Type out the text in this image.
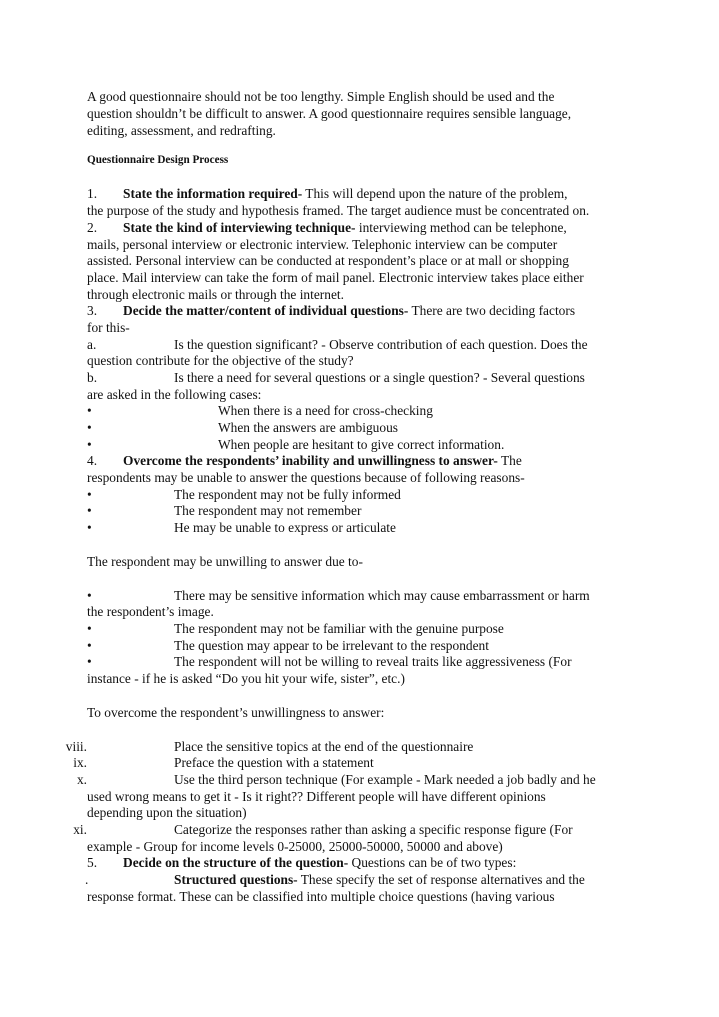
A good questionnaire should not be too lengthy. Simple English should be used and the
question shouldn’t be difficult to answer. A good questionnaire requires sensible language,
editing, assessment, and redrafting.
Questionnaire Design Process
1. State the information required- This will depend upon the nature of the problem,
the purpose of the study and hypothesis framed. The target audience must be concentrated on.
2. State the kind of interviewing technique- interviewing method can be telephone,
mails, personal interview or electronic interview. Telephonic interview can be computer
assisted. Personal interview can be conducted at respondent’s place or at mall or shopping
place. Mail interview can take the form of mail panel. Electronic interview takes place either
through electronic mails or through the internet.
3. Decide the matter/content of individual questions- There are two deciding factors
for this-
a.	Is the question significant? - Observe contribution of each question. Does the
question contribute for the objective of the study?
b.	Is there a need for several questions or a single question? - Several questions
are asked in the following cases:
•	When there is a need for cross-checking
•	When the answers are ambiguous
•	When people are hesitant to give correct information.
4. Overcome the respondents’ inability and unwillingness to answer- The
respondents may be unable to answer the questions because of following reasons-
•	The respondent may not be fully informed
•	The respondent may not remember
•	He may be unable to express or articulate
The respondent may be unwilling to answer due to-
•	There may be sensitive information which may cause embarrassment or harm
the respondent’s image.
•	The respondent may not be familiar with the genuine purpose
•	The question may appear to be irrelevant to the respondent
•	The respondent will not be willing to reveal traits like aggressiveness (For
instance - if he is asked “Do you hit your wife, sister”, etc.)
To overcome the respondent’s unwillingness to answer:
viii.	Place the sensitive topics at the end of the questionnaire
ix.	Preface the question with a statement
x.	Use the third person technique (For example - Mark needed a job badly and he
used wrong means to get it - Is it right?? Different people will have different opinions
depending upon the situation)
xi.	Categorize the responses rather than asking a specific response figure (For
example - Group for income levels 0-25000, 25000-50000, 50000 and above)
5. Decide on the structure of the question- Questions can be of two types:
.	Structured questions- These specify the set of response alternatives and the
response format. These can be classified into multiple choice questions (having various
